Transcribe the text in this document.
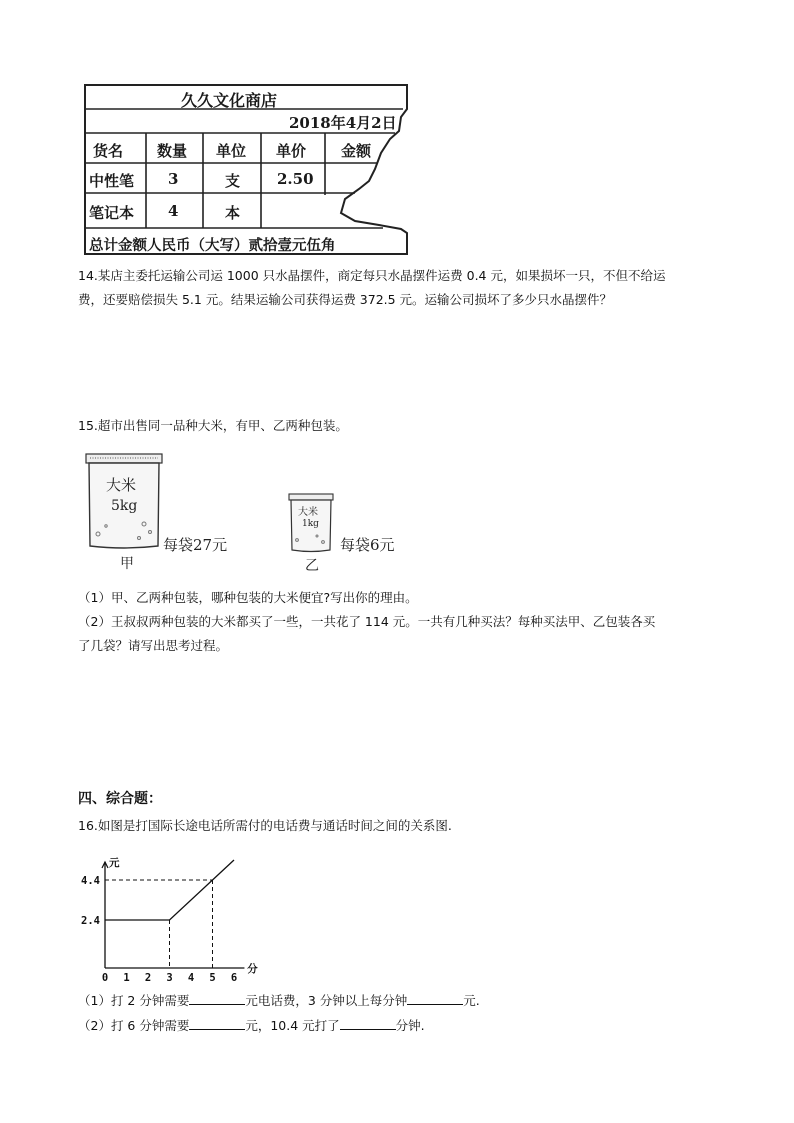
久久文化商店
2018年4月2日
货名 数量 单位 单价 金额
中性笔 3	支 2.50
笔记本 4	本
总计金额人民币（大写）贰拾壹元伍角
14.某店主委托运输公司运 1000 只水晶摆件，商定每只水晶摆件运费 0.4 元，如果损坏一只，不但不给运
费，还要赔偿损失 5.1 元。结果运输公司获得运费 372.5 元。运输公司损坏了多少只水晶摆件？
15.超市出售同一品种大米，有甲、乙两种包装。
大米
5kg
每袋27元
甲
大米
1kg
每袋6元
乙
（1）甲、乙两种包装，哪种包装的大米便宜?写出你的理由。
（2）王叔叔两种包装的大米都买了一些，一共花了 114 元。一共有几种买法？每种买法甲、乙包装各买
了几袋？请写出思考过程。
四、综合题：
16.如图是打国际长途电话所需付的电话费与通话时间之间的关系图.
0 1 2 3 4 5 6
分
2.4
4.4
元
（1）打 2 分钟需要	元电话费，3 分钟以上每分钟	元.
（2）打 6 分钟需要	元，10.4 元打了	分钟.
